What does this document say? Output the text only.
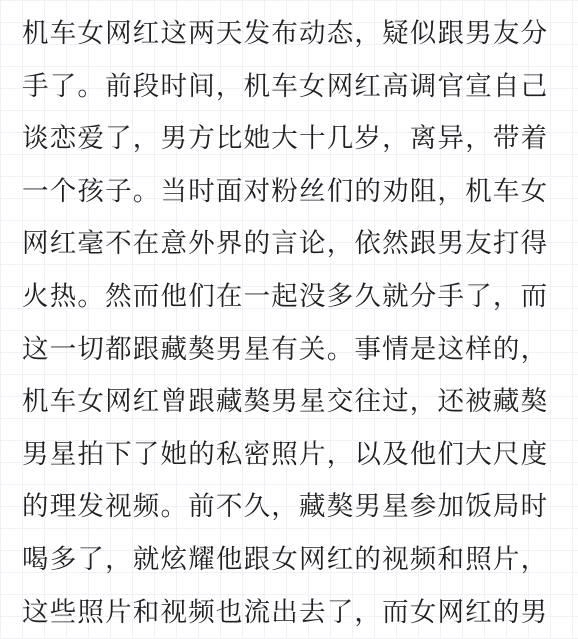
机车女网红这两天发布动态，疑似跟男友分
手了。前段时间，机车女网红高调官宣自己
谈恋爱了，男方比她大十几岁，离异，带着
一个孩子。当时面对粉丝们的劝阻，机车女
网红毫不在意外界的言论，依然跟男友打得
火热。然而他们在一起没多久就分手了，而
这一切都跟藏獒男星有关。事情是这样的，
机车女网红曾跟藏獒男星交往过，还被藏獒
男星拍下了她的私密照片，以及他们大尺度
的理发视频。前不久，藏獒男星参加饭局时
喝多了，就炫耀他跟女网红的视频和照片，
这些照片和视频也流出去了，而女网红的男
